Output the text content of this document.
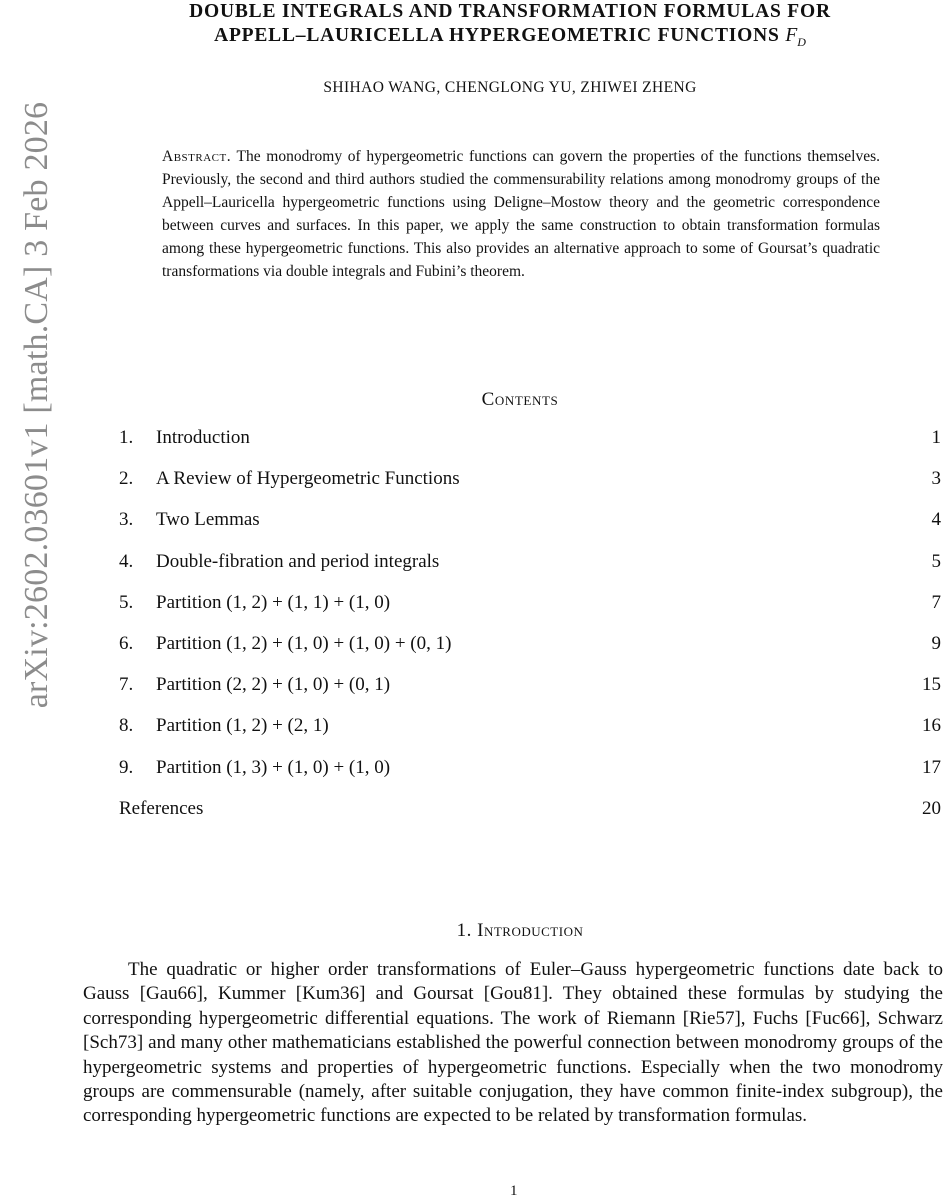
arXiv:2602.03601v1 [math.CA] 3 Feb 2026
DOUBLE INTEGRALS AND TRANSFORMATION FORMULAS FOR
APPELL–LAURICELLA HYPERGEOMETRIC FUNCTIONS $F_D$
SHIHAO WANG, CHENGLONG YU, ZHIWEI ZHENG
Abstract. The monodromy of hypergeometric functions can govern the properties of the functions themselves. Previously, the second and third authors studied the commensurability relations among monodromy groups of the Appell–Lauricella hypergeometric functions using Deligne–Mostow theory and the geometric correspondence between curves and surfaces. In this paper, we apply the same construction to obtain transformation formulas among these hypergeometric functions. This also provides an alternative approach to some of Goursat’s quadratic transformations via double integrals and Fubini’s theorem.
Contents
1. Introduction	1
2. A Review of Hypergeometric Functions	3
3. Two Lemmas	4
4. Double-fibration and period integrals	5
5. Partition (1, 2) + (1, 1) + (1, 0)	7
6. Partition (1, 2) + (1, 0) + (1, 0) + (0, 1)	9
7. Partition (2, 2) + (1, 0) + (0, 1)	15
8. Partition (1, 2) + (2, 1)	16
9. Partition (1, 3) + (1, 0) + (1, 0)	17
References	20
1. Introduction
The quadratic or higher order transformations of Euler–Gauss hypergeometric functions date back to Gauss [Gau66], Kummer [Kum36] and Goursat [Gou81]. They obtained these formulas by studying the corresponding hypergeometric differential equations. The work of Riemann [Rie57], Fuchs [Fuc66], Schwarz [Sch73] and many other mathematicians established the powerful connection between monodromy groups of the hypergeometric systems and properties of hypergeometric functions. Especially when the two monodromy groups are commensurable (namely, after suitable conjugation, they have common finite-index subgroup), the corresponding hypergeometric functions are expected to be related by transformation formulas.
1
